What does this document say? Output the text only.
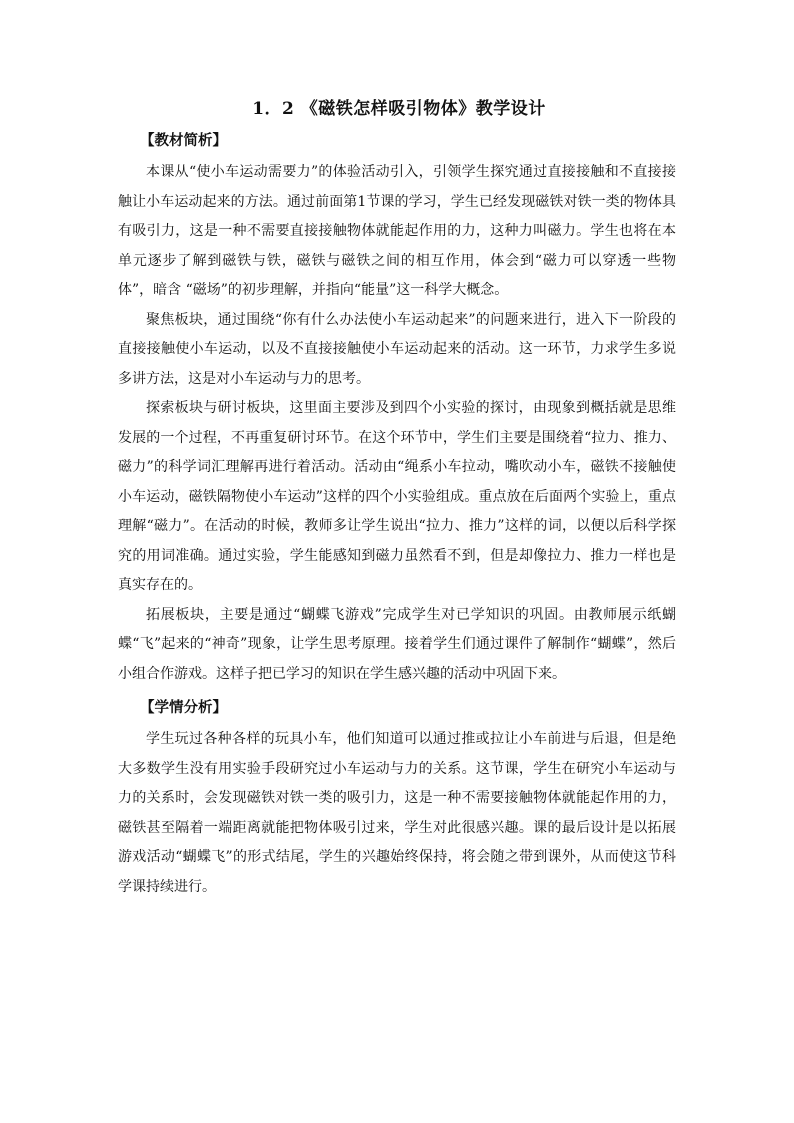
1．2 《磁铁怎样吸引物体》教学设计
【教材简析】

本课从“使小车运动需要力”的体验活动引入，引领学生探究通过直接接触和不直接接触让小车运动起来的方法。通过前面第1节课的学习，学生已经发现磁铁对铁一类的物体具有吸引力，这是一种不需要直接接触物体就能起作用的力，这种力叫磁力。学生也将在本单元逐步了解到磁铁与铁，磁铁与磁铁之间的相互作用，体会到“磁力可以穿透一些物体”，暗含 “磁场”的初步理解，并指向“能量”这一科学大概念。

聚焦板块，通过围绕“你有什么办法使小车运动起来”的问题来进行，进入下一阶段的直接接触使小车运动，以及不直接接触使小车运动起来的活动。这一环节，力求学生多说多讲方法，这是对小车运动与力的思考。

探索板块与研讨板块，这里面主要涉及到四个小实验的探讨，由现象到概括就是思维发展的一个过程，不再重复研讨环节。在这个环节中，学生们主要是围绕着“拉力、推力、磁力”的科学词汇理解再进行着活动。活动由“绳系小车拉动，嘴吹动小车，磁铁不接触使小车运动，磁铁隔物使小车运动”这样的四个小实验组成。重点放在后面两个实验上，重点理解“磁力”。在活动的时候，教师多让学生说出“拉力、推力”这样的词，以便以后科学探究的用词准确。通过实验，学生能感知到磁力虽然看不到，但是却像拉力、推力一样也是真实存在的。

拓展板块，主要是通过“蝴蝶飞游戏”完成学生对已学知识的巩固。由教师展示纸蝴蝶“飞”起来的“神奇”现象，让学生思考原理。接着学生们通过课件了解制作“蝴蝶”，然后小组合作游戏。这样子把已学习的知识在学生感兴趣的活动中巩固下来。

【学情分析】

学生玩过各种各样的玩具小车，他们知道可以通过推或拉让小车前进与后退，但是绝大多数学生没有用实验手段研究过小车运动与力的关系。这节课，学生在研究小车运动与力的关系时，会发现磁铁对铁一类的吸引力，这是一种不需要接触物体就能起作用的力，磁铁甚至隔着一端距离就能把物体吸引过来，学生对此很感兴趣。课的最后设计是以拓展游戏活动“蝴蝶飞”的形式结尾，学生的兴趣始终保持，将会随之带到课外，从而使这节科学课持续进行。
